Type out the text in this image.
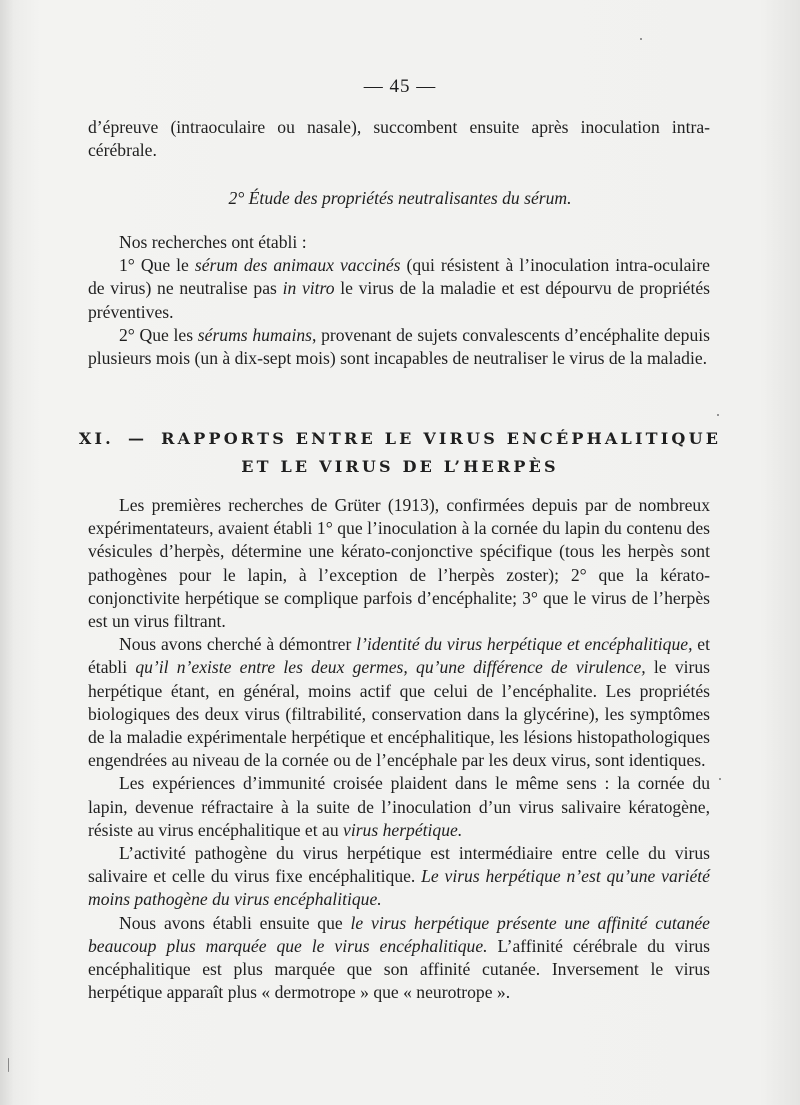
— 45 —

d’épreuve (intraoculaire ou nasale), succombent ensuite après inoculation intra-cérébrale.

2° Étude des propriétés neutralisantes du sérum.

Nos recherches ont établi :

1° Que le sérum des animaux vaccinés (qui résistent à l’inoculation intra-oculaire de virus) ne neutralise pas in vitro le virus de la maladie et est dépourvu de propriétés préventives.

2° Que les sérums humains, provenant de sujets convalescents d’encéphalite depuis plusieurs mois (un à dix-sept mois) sont incapables de neutraliser le virus de la maladie.

XI. — RAPPORTS ENTRE LE VIRUS ENCÉPHALITIQUE
ET LE VIRUS DE L’HERPÈS

Les premières recherches de Grüter (1913), confirmées depuis par de nombreux expérimentateurs, avaient établi 1° que l’inoculation à la cornée du lapin du contenu des vésicules d’herpès, détermine une kérato-conjonctive spécifique (tous les herpès sont pathogènes pour le lapin, à l’exception de l’herpès zoster); 2° que la kérato-conjonctivite herpétique se complique parfois d’encéphalite; 3° que le virus de l’herpès est un virus filtrant.

Nous avons cherché à démontrer l’identité du virus herpétique et encéphalitique, et établi qu’il n’existe entre les deux germes, qu’une différence de virulence, le virus herpétique étant, en général, moins actif que celui de l’encéphalite. Les propriétés biologiques des deux virus (filtrabilité, conservation dans la glycérine), les symptômes de la maladie expérimentale herpétique et encéphalitique, les lésions histopathologiques engendrées au niveau de la cornée ou de l’encéphale par les deux virus, sont identiques.

Les expériences d’immunité croisée plaident dans le même sens : la cornée du lapin, devenue réfractaire à la suite de l’inoculation d’un virus salivaire kératogène, résiste au virus encéphalitique et au virus herpétique.

L’activité pathogène du virus herpétique est intermédiaire entre celle du virus salivaire et celle du virus fixe encéphalitique. Le virus herpétique n’est qu’une variété moins pathogène du virus encéphalitique.

Nous avons établi ensuite que le virus herpétique présente une affinité cutanée beaucoup plus marquée que le virus encéphalitique. L’affinité cérébrale du virus encéphalitique est plus marquée que son affinité cutanée. Inversement le virus herpétique apparaît plus « dermotrope » que « neurotrope ».
